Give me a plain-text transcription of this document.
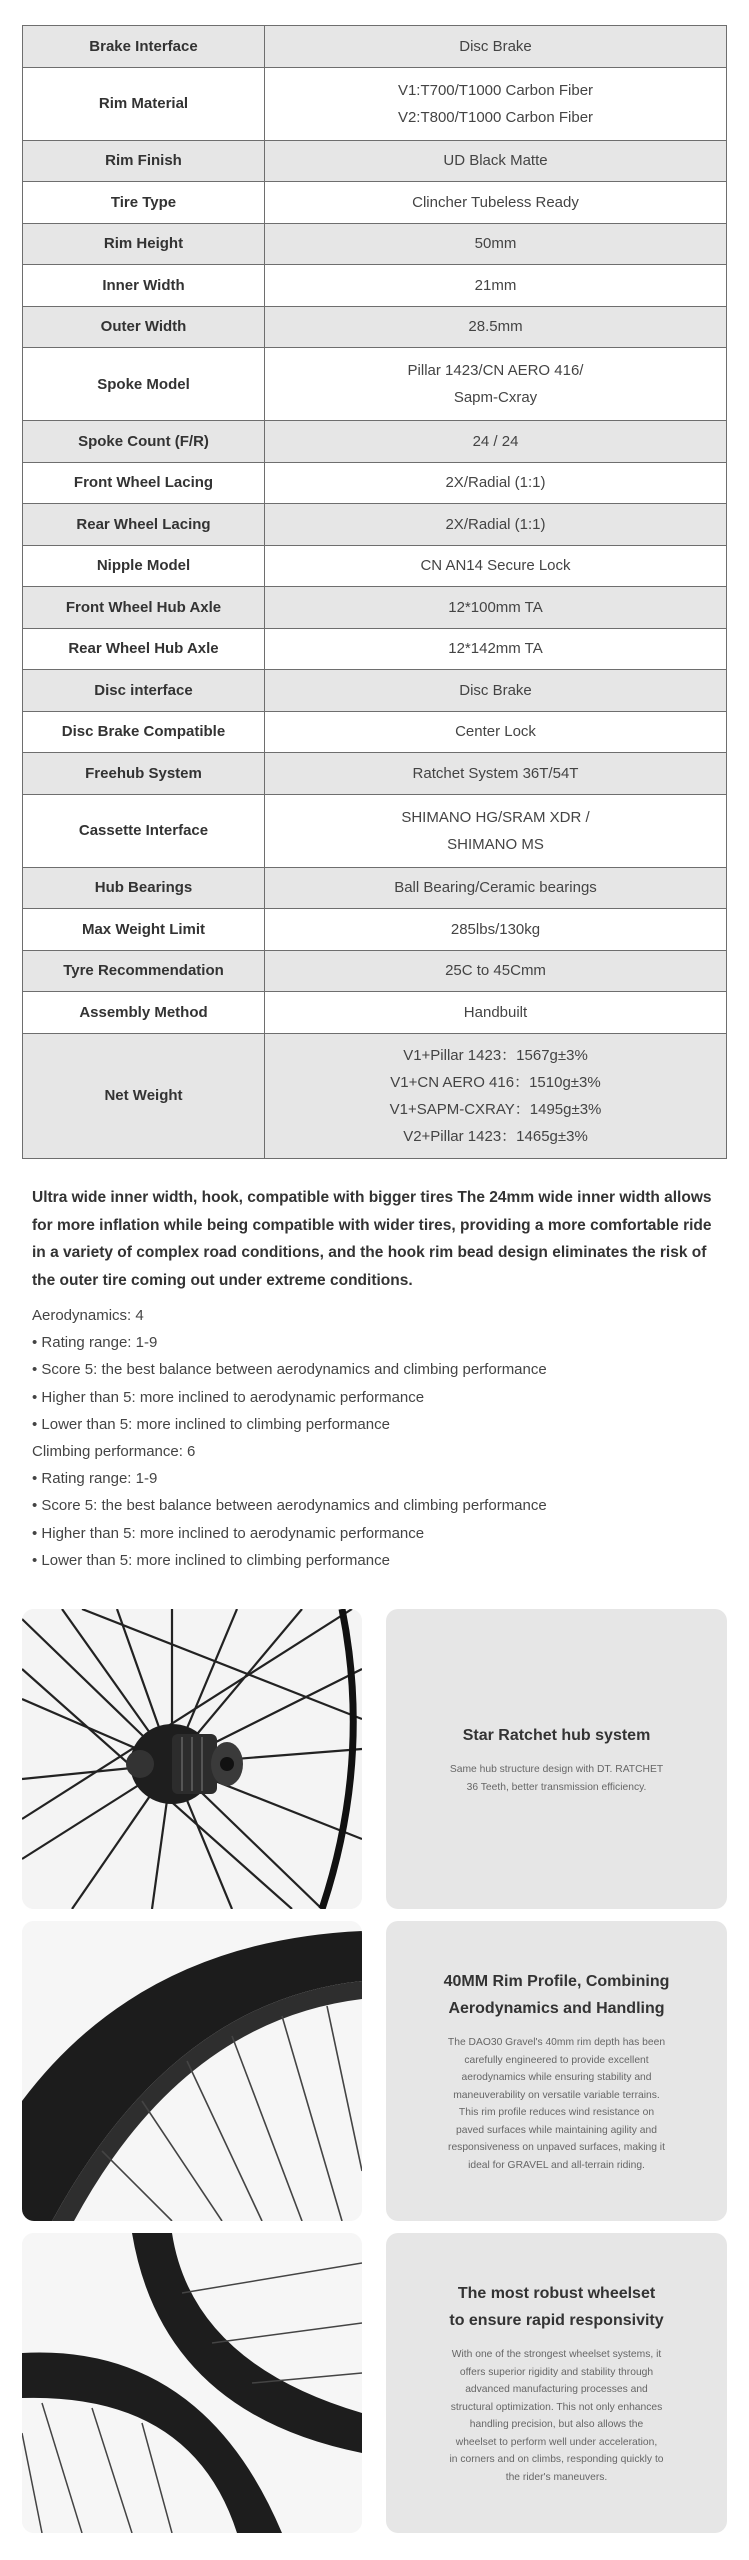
Brake Interface	Disc Brake

Rim Material	V1:T700/T1000 Carbon Fiber
V2:T800/T1000 Carbon Fiber

Rim Finish	UD Black Matte

Tire Type	Clincher Tubeless Ready

Rim Height	50mm

Inner Width	21mm

Outer Width	28.5mm

Spoke Model	Pillar 1423/CN AERO 416/
Sapm-Cxray

Spoke Count (F/R)	24 / 24

Front Wheel Lacing	2X/Radial (1:1)

Rear Wheel Lacing	2X/Radial (1:1)

Nipple Model	CN AN14 Secure Lock

Front Wheel Hub Axle	12*100mm TA

Rear Wheel Hub Axle	12*142mm TA

Disc interface	Disc Brake

Disc Brake Compatible	Center Lock

Freehub System	Ratchet System 36T/54T

Cassette Interface	SHIMANO HG/SRAM XDR /
SHIMANO MS

Hub Bearings	Ball Bearing/Ceramic bearings

Max Weight Limit	285lbs/130kg

Tyre Recommendation	25C to 45Cmm

Assembly Method	Handbuilt

Net Weight	V1+Pillar 1423：1567g±3%
V1+CN AERO 416：1510g±3%
V1+SAPM-CXRAY：1495g±3%
V2+Pillar 1423：1465g±3%
Ultra wide inner width, hook, compatible with bigger tires The 24mm wide inner width allows for more inflation while being compatible with wider tires, providing a more comfortable ride in a variety of complex road conditions, and the hook rim bead design eliminates the risk of the outer tire coming out under extreme conditions.
Aerodynamics: 4
• Rating range: 1-9
• Score 5: the best balance between aerodynamics and climbing performance
• Higher than 5: more inclined to aerodynamic performance
• Lower than 5: more inclined to climbing performance
Climbing performance: 6
• Rating range: 1-9
• Score 5: the best balance between aerodynamics and climbing performance
• Higher than 5: more inclined to aerodynamic performance
• Lower than 5: more inclined to climbing performance
Star Ratchet hub system

Same hub structure design with DT. RATCHET
36 Teeth, better transmission efficiency.

40MM Rim Profile, Combining
Aerodynamics and Handling

The DAO30 Gravel's 40mm rim depth has been
carefully engineered to provide excellent
aerodynamics while ensuring stability and
maneuverability on versatile variable terrains.
This rim profile reduces wind resistance on
paved surfaces while maintaining agility and
responsiveness on unpaved surfaces, making it
ideal for GRAVEL and all-terrain riding.

The most robust wheelset
to ensure rapid responsivity

With one of the strongest wheelset systems, it
offers superior rigidity and stability through
advanced manufacturing processes and
structural optimization. This not only enhances
handling precision, but also allows the
wheelset to perform well under acceleration,
in corners and on climbs, responding quickly to
the rider's maneuvers.
